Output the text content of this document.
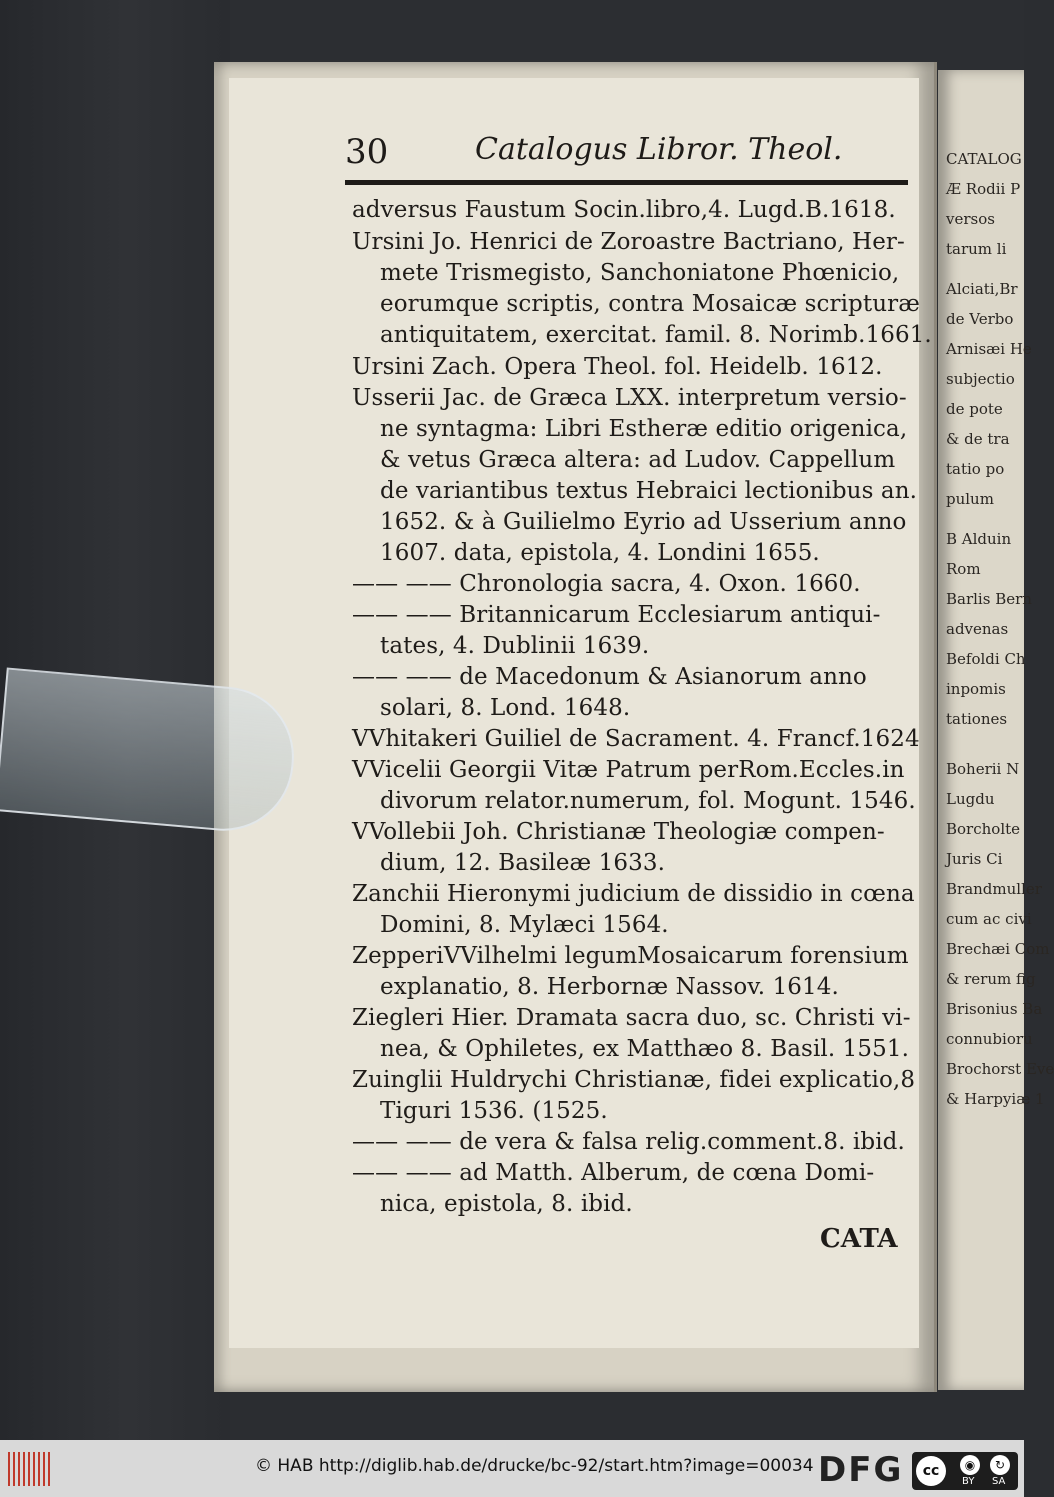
CATALOG
Æ Rodii P
versos
tarum li
Alciati,Br
de Verbo
Arnisæi He
subjectio
de pote
& de tra
tatio po
pulum
B Alduin
Rom
Barlis Bern
advenas
Befoldi Ch
inpomis
tationes
Boherii N
Lugdu
Borcholte
Juris Ci
Brandmuller
cum ac civi
Brechæi Com
& rerum fig
Brisonius Ba
connubioru
Brochorst Eve
& Harpyiæ 1
30	Catalogus Libror. Theol.
adversus Faustum Socin.libro,4. Lugd.B.1618.
Ursini Jo. Henrici de Zoroastre Bactriano, Her-
mete Trismegisto, Sanchoniatone Phœnicio,
eorumque scriptis, contra Mosaicæ scripturæ
antiquitatem, exercitat. famil. 8. Norimb.1661.
Ursini Zach. Opera Theol. fol. Heidelb. 1612.
Usserii Jac. de Græca LXX. interpretum versio-
ne syntagma: Libri Estheræ editio origenica,
& vetus Græca altera: ad Ludov. Cappellum
de variantibus textus Hebraici lectionibus an.
1652. & à Guilielmo Eyrio ad Usserium anno
1607. data, epistola, 4. Londini 1655.
—— —— Chronologia sacra, 4. Oxon. 1660.
—— —— Britannicarum Ecclesiarum antiqui-
tates, 4. Dublinii 1639.
—— —— de Macedonum & Asianorum anno
solari, 8. Lond. 1648.
VVhitakeri Guiliel de Sacrament. 4. Francf.1624
VVicelii Georgii Vitæ Patrum perRom.Eccles.in
divorum relator.numerum, fol. Mogunt. 1546.
VVollebii Joh. Christianæ Theologiæ compen-
dium, 12. Basileæ 1633.
Zanchii Hieronymi judicium de dissidio in cœna
Domini, 8. Mylæci 1564.
ZepperiVVilhelmi legumMosaicarum forensium
explanatio, 8. Herbornæ Nassov. 1614.
Ziegleri Hier. Dramata sacra duo, sc. Christi vi-
nea, & Ophiletes, ex Matthæo 8. Basil. 1551.
Zuinglii Huldrychi Christianæ, fidei explicatio,8
Tiguri 1536. (1525.
—— —— de vera & falsa relig.comment.8. ibid.
—— —— ad Matth. Alberum, de cœna Domi-
nica, epistola, 8. ibid.
CATA
© HAB http://diglib.hab.de/drucke/bc-92/start.htm?image=00034 DFG	cc	◉	↻
BY SA
